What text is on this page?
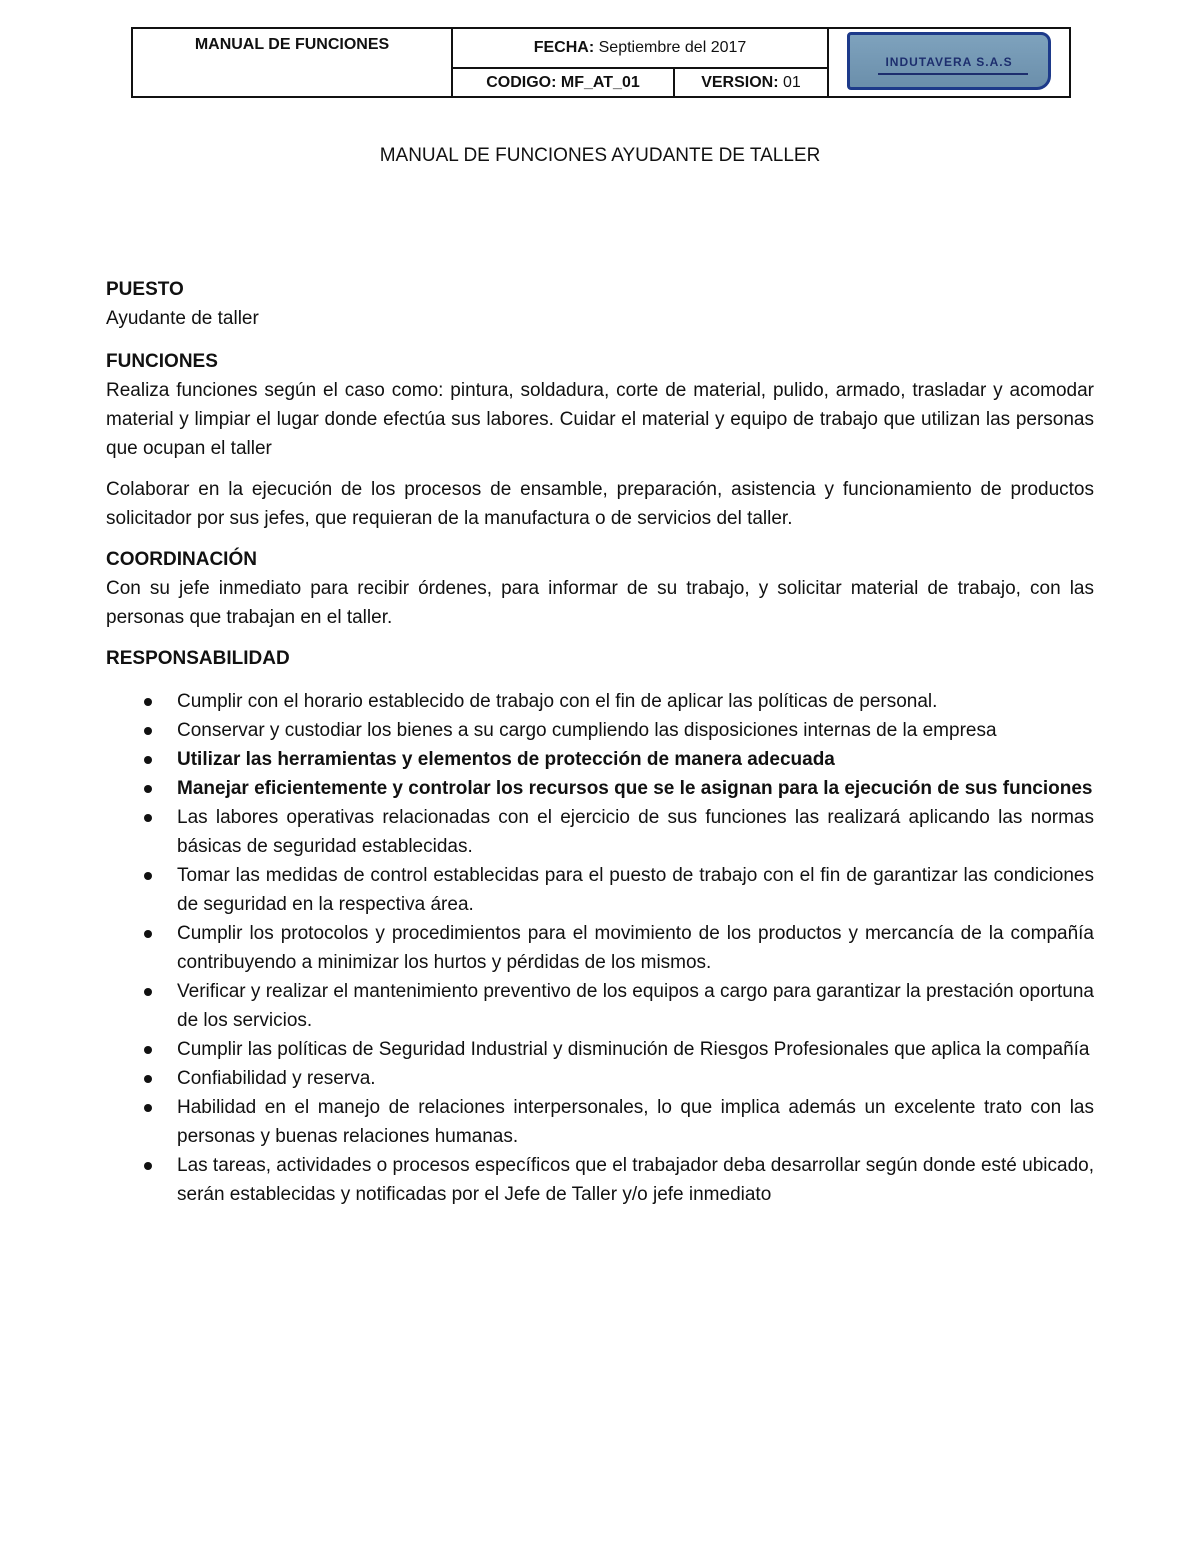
MANUAL DE FUNCIONES	FECHA: Septiembre del 2017		INDUTAVERA S.A.S

	CODIGO: MF_AT_01	VERSION: 01	
MANUAL DE FUNCIONES AYUDANTE DE TALLER

PUESTO

Ayudante de taller

FUNCIONES

Realiza funciones según el caso como: pintura, soldadura, corte de material, pulido, armado, trasladar y acomodar material y limpiar el lugar donde efectúa sus labores. Cuidar el material y equipo de trabajo que utilizan las personas que ocupan el taller

Colaborar en la ejecución de los procesos de ensamble, preparación, asistencia y funcionamiento de productos solicitador por sus jefes, que requieran de la manufactura o de servicios del taller.

COORDINACIÓN

Con su jefe inmediato para recibir órdenes, para informar de su trabajo, y solicitar material de trabajo, con las personas que trabajan en el taller.

RESPONSABILIDAD

Cumplir con el horario establecido de trabajo con el fin de aplicar las políticas de personal.
Conservar y custodiar los bienes a su cargo cumpliendo las disposiciones internas de la empresa
Utilizar las herramientas y elementos de protección de manera adecuada
Manejar eficientemente y controlar los recursos que se le asignan para la ejecución de sus funciones
Las labores operativas relacionadas con el ejercicio de sus funciones las realizará aplicando las normas básicas de seguridad establecidas.
Tomar las medidas de control establecidas para el puesto de trabajo con el fin de garantizar las condiciones de seguridad en la respectiva área.
Cumplir los protocolos y procedimientos para el movimiento de los productos y mercancía de la compañía contribuyendo a minimizar los hurtos y pérdidas de los mismos.
Verificar y realizar el mantenimiento preventivo de los equipos a cargo para garantizar la prestación oportuna de los servicios.
Cumplir las políticas de Seguridad Industrial y disminución de Riesgos Profesionales que aplica la compañía
Confiabilidad y reserva.
Habilidad en el manejo de relaciones interpersonales, lo que implica además un excelente trato con las personas y buenas relaciones humanas.
Las tareas, actividades o procesos específicos que el trabajador deba desarrollar según donde esté ubicado, serán establecidas y notificadas por el Jefe de Taller y/o jefe inmediato
